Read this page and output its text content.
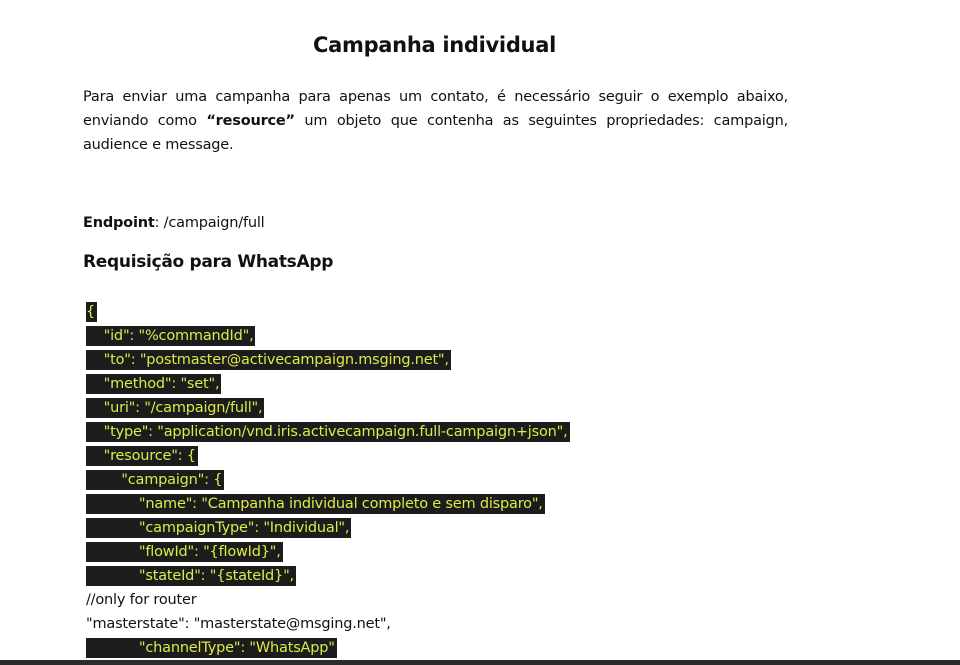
Campanha individual

Para enviar uma campanha para apenas um contato, é necessário seguir o exemplo abaixo, enviando como “resource” um objeto que contenha as seguintes propriedades: campaign, audience e message.

Endpoint: /campaign/full

Requisição para WhatsApp
{
"id": "%commandId",
"to": "postmaster@activecampaign.msging.net",
"method": "set",
"uri": "/campaign/full",
"type": "application/vnd.iris.activecampaign.full-campaign+json",
"resource": {
"campaign": {
"name": "Campanha individual completo e sem disparo",
"campaignType": "Individual",
"flowId": "{flowId}",
"stateId": "{stateId}",
//only for router
"masterstate": "masterstate@msging.net",
"channelType": "WhatsApp"
